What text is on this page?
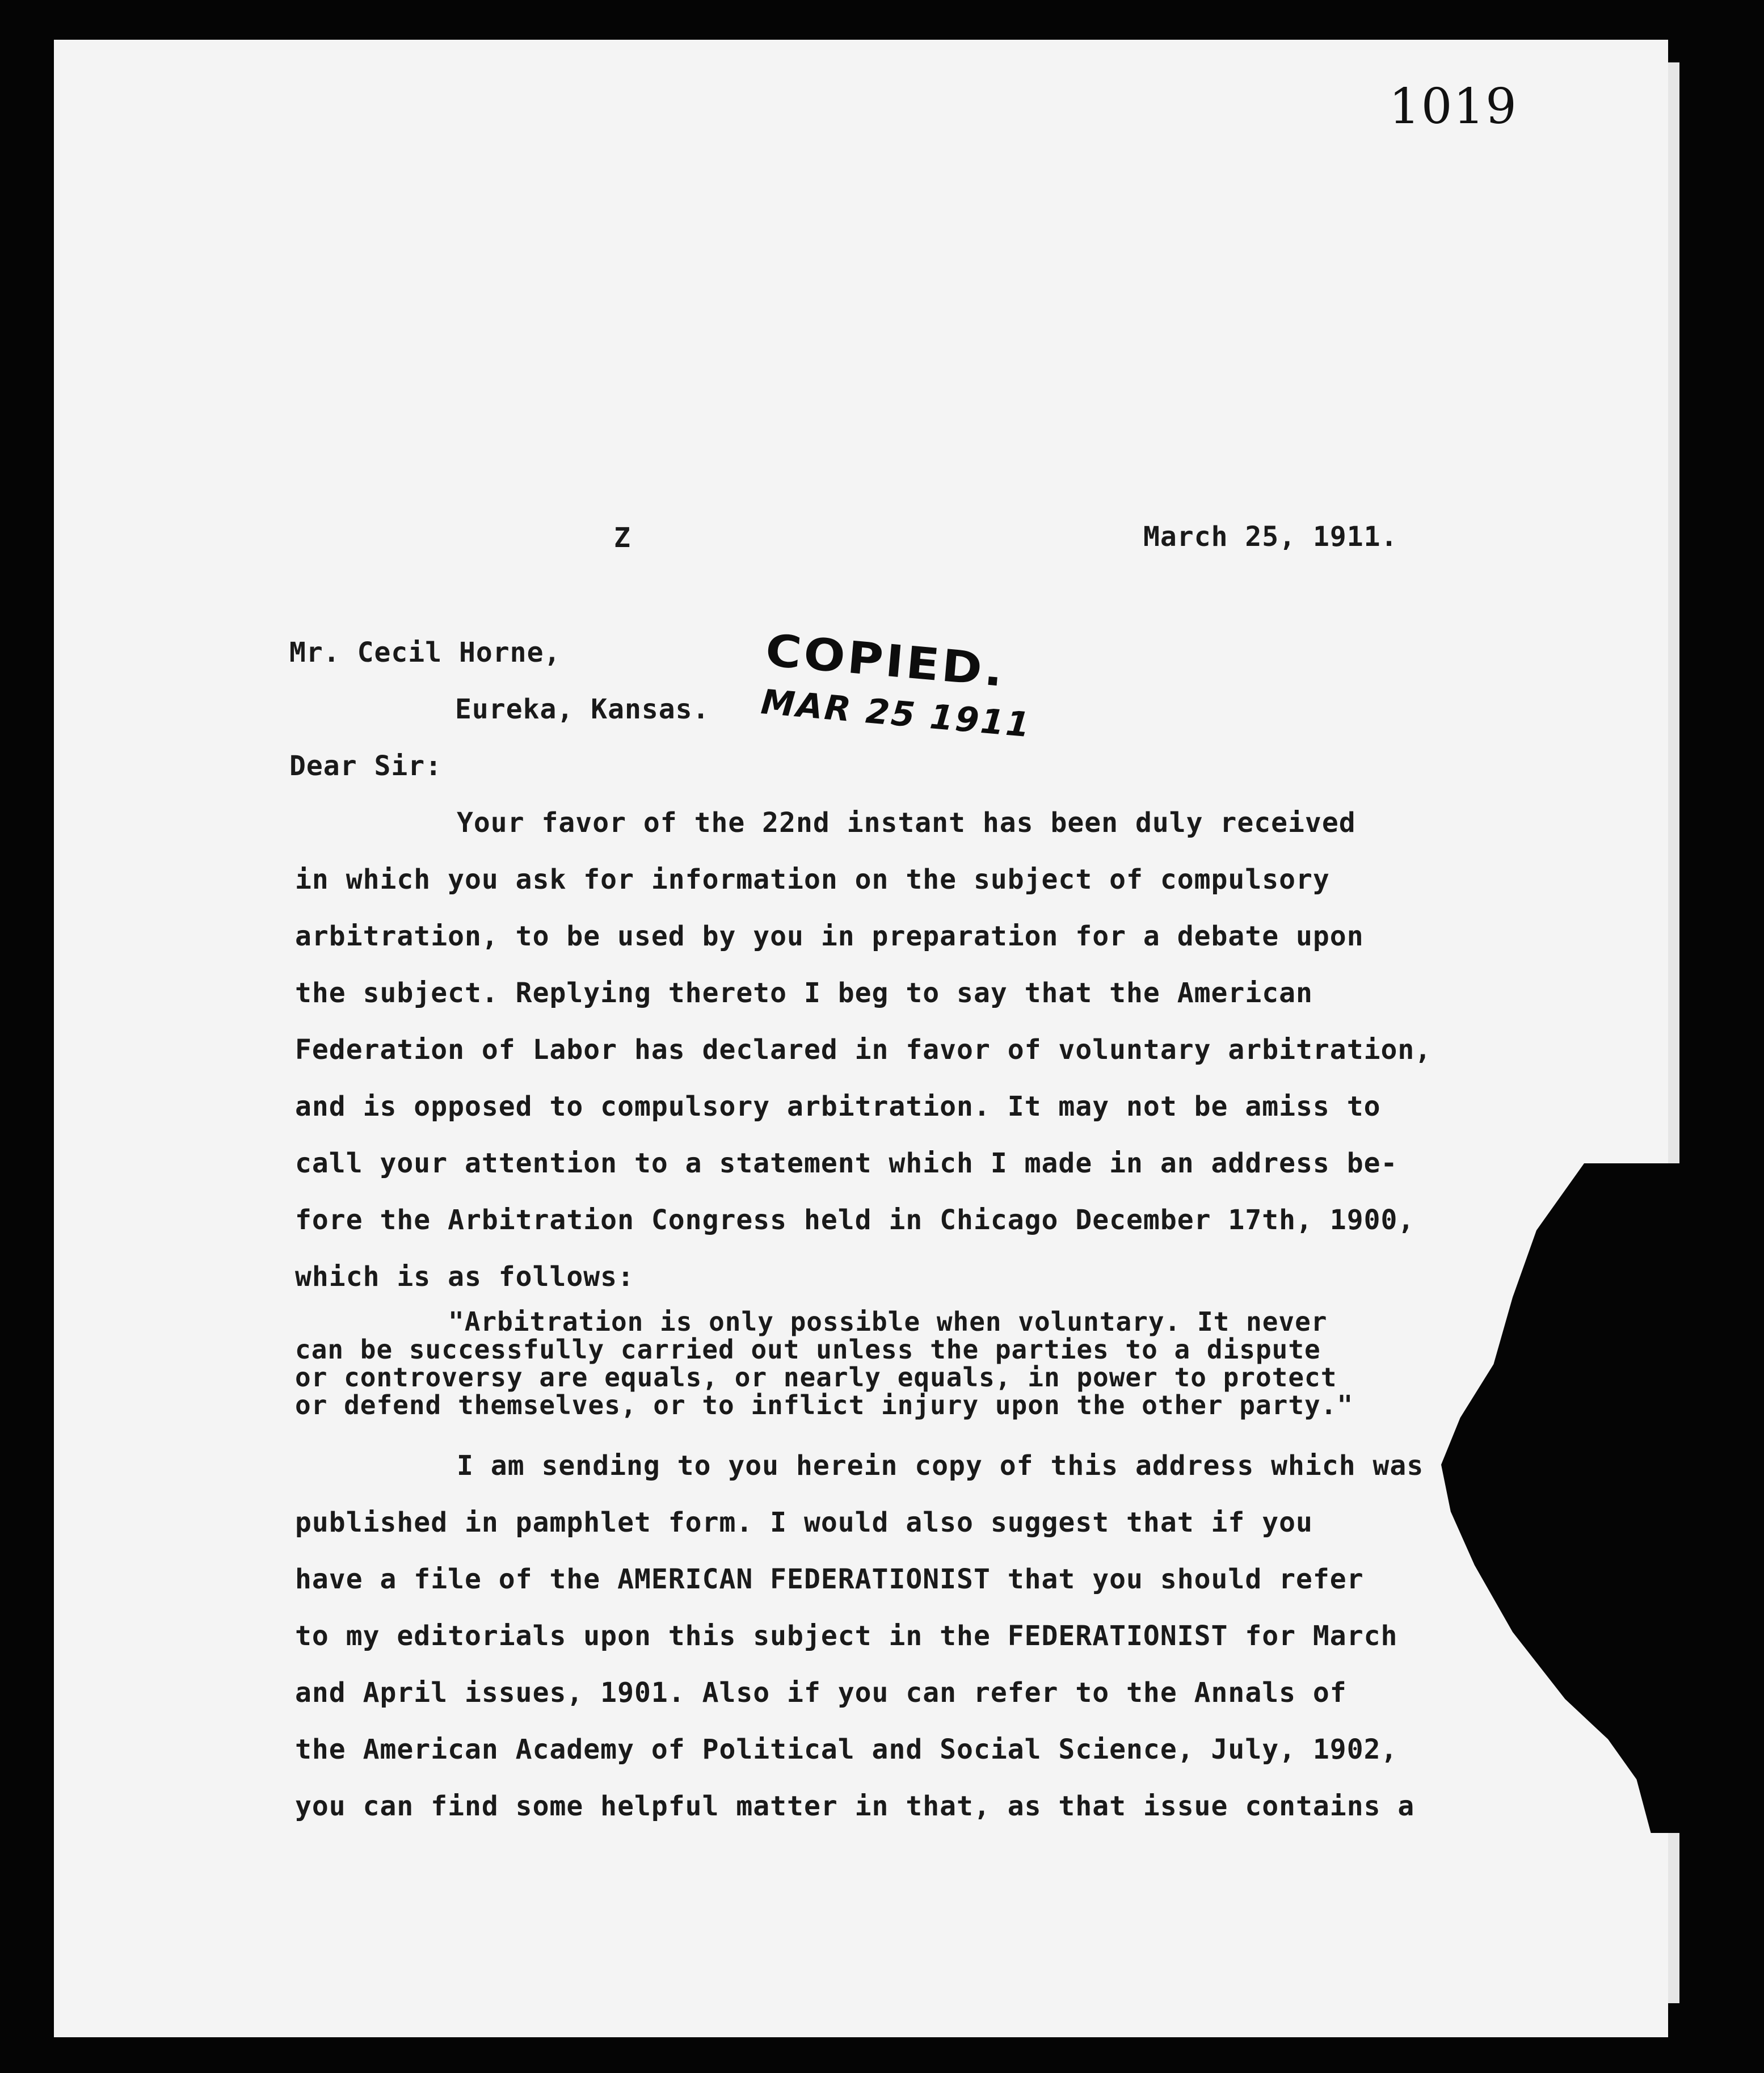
1019
Z	March 25, 1911.
Mr. Cecil Horne,
Eureka, Kansas.
COPIED.
MAR 25 1911
Dear Sir:
Your favor of the 22nd instant has been duly received
in which you ask for information on the subject of compulsory
arbitration, to be used by you in preparation for a debate upon
the subject. Replying thereto I beg to say that the American
Federation of Labor has declared in favor of voluntary arbitration,
and is opposed to compulsory arbitration. It may not be amiss to
call your attention to a statement which I made in an address be-
fore the Arbitration Congress held in Chicago December 17th, 1900,
which is as follows:
"Arbitration is only possible when voluntary. It never
can be successfully carried out unless the parties to a dispute
or controversy are equals, or nearly equals, in power to protect
or defend themselves, or to inflict injury upon the other party."
I am sending to you herein copy of this address which was
published in pamphlet form. I would also suggest that if you
have a file of the AMERICAN FEDERATIONIST that you should refer
to my editorials upon this subject in the FEDERATIONIST for March
and April issues, 1901. Also if you can refer to the Annals of
the American Academy of Political and Social Science, July, 1902,
you can find some helpful matter in that, as that issue contains a
